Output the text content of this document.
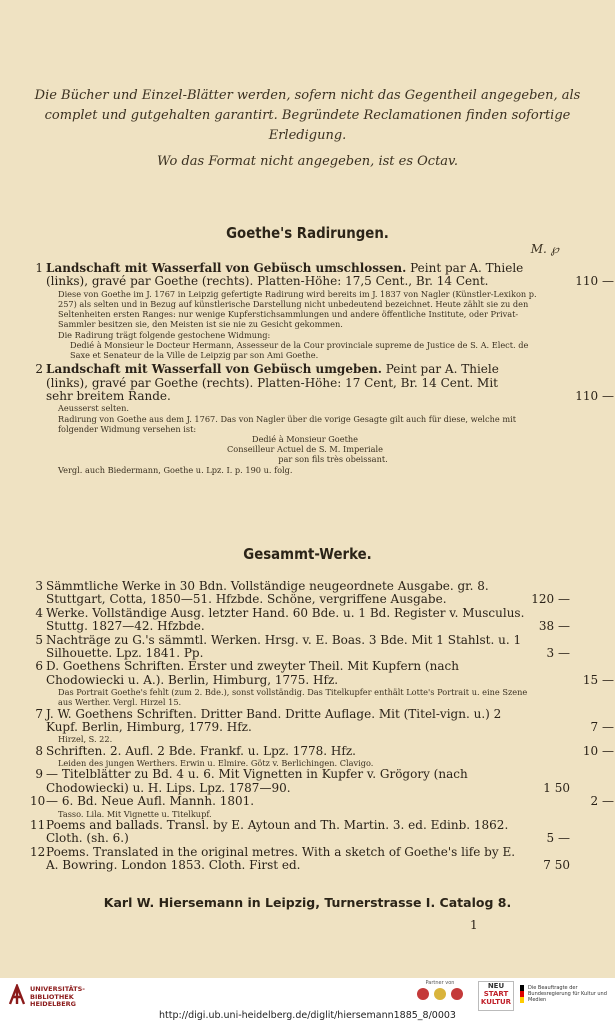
Die Bücher und Einzel-Blätter werden, sofern nicht das Gegentheil angegeben, als

complet und gutgehalten garantirt. Begründete Reclamationen finden sofortige

Erledigung.

Wo das Format nicht angegeben, ist es Octav.

Goethe's Radirungen.
M. ℘
1 Landschaft mit Wasserfall von Gebüsch umschlossen. Peint par A. Thiele (links), gravé par Goethe (rechts). Platten-Höhe: 17,5 Cent., Br. 14 Cent.	110 —
Diese von Goethe im J. 1767 in Leipzig gefertigte Radirung wird bereits im J. 1837 von Nagler (Künstler-Lexikon p. 257) als selten und in Bezug auf künstlerische Darstellung nicht unbedeutend bezeichnet. Heute zählt sie zu den Seltenheiten ersten Ranges: nur wenige Kupferstichsammlungen und andere öffentliche Institute, oder Privat-Sammler besitzen sie, den Meisten ist sie nie zu Gesicht gekommen.
Die Radirung trägt folgende gestochene Widmung:
Dedié à Monsieur le Docteur Hermann, Assesseur de la Cour provinciale supreme de Justice de S. A. Elect. de Saxe et Senateur de la Ville de Leipzig par son Ami Goethe.
2 Landschaft mit Wasserfall von Gebüsch umgeben. Peint par A. Thiele (links), gravé par Goethe (rechts). Platten-Höhe: 17 Cent, Br. 14 Cent. Mit sehr breitem Rande.	110 —
Aeusserst selten.
Radirung von Goethe aus dem J. 1767. Das von Nagler über die vorige Gesagte gilt auch für diese, welche mit folgender Widmung versehen ist:
Dedié à Monsieur Goethe
Conseilleur Actuel de S. M. Imperiale
par son fils très obeissant.
Vergl. auch Biedermann, Goethe u. Lpz. I. p. 190 u. folg.
Gesammt-Werke.
3 Sämmtliche Werke in 30 Bdn. Vollständige neugeordnete Ausgabe. gr. 8. Stuttgart, Cotta, 1850—51. Hfzbde. Schöne, vergriffene Ausgabe.	120 —
4 Werke. Vollständige Ausg. letzter Hand. 60 Bde. u. 1 Bd. Register v. Musculus. Stuttg. 1827—42. Hfzbde.	38 —
5 Nachträge zu G.'s sämmtl. Werken. Hrsg. v. E. Boas. 3 Bde. Mit 1 Stahlst. u. 1 Silhouette. Lpz. 1841. Pp.	3 —
6 D. Goethens Schriften. Erster und zweyter Theil. Mit Kupfern (nach Chodowiecki u. A.). Berlin, Himburg, 1775. Hfz.	15 —
Das Portrait Goethe's fehlt (zum 2. Bde.), sonst vollständig. Das Titelkupfer enthält Lotte's Portrait u. eine Szene aus Werther. Vergl. Hirzel 15.
7 J. W. Goethens Schriften. Dritter Band. Dritte Auflage. Mit (Titel-vign. u.) 2 Kupf. Berlin, Himburg, 1779. Hfz.	7 —
Hirzel, S. 22.
8 Schriften. 2. Aufl. 2 Bde. Frankf. u. Lpz. 1778. Hfz.	10 —
Leiden des jungen Werthers. Erwin u. Elmire. Götz v. Berlichingen. Clavigo.
9 — Titelblätter zu Bd. 4 u. 6. Mit Vignetten in Kupfer v. Grögory (nach Chodowiecki) u. H. Lips. Lpz. 1787—90.	1 50
10 — 6. Bd. Neue Aufl. Mannh. 1801.	2 —
Tasso. Lila. Mit Vignette u. Titelkupf.
11 Poems and ballads. Transl. by E. Aytoun and Th. Martin. 3. ed. Edinb. 1862. Cloth. (sh. 6.)	5 —
12 Poems. Translated in the original metres. With a sketch of Goethe's life by E. A. Bowring. London 1853. Cloth. First ed.	7 50
Karl W. Hiersemann in Leipzig, Turnerstrasse I. Catalog 8.
1
UNIVERSITÄTS-
BIBLIOTHEK
HEIDELBERG
Partner von	NEU
START
KULTUR
Die Beauftragte der Bundesregierung für Kultur und Medien
http://digi.ub.uni-heidelberg.de/diglit/hiersemann1885_8/0003
